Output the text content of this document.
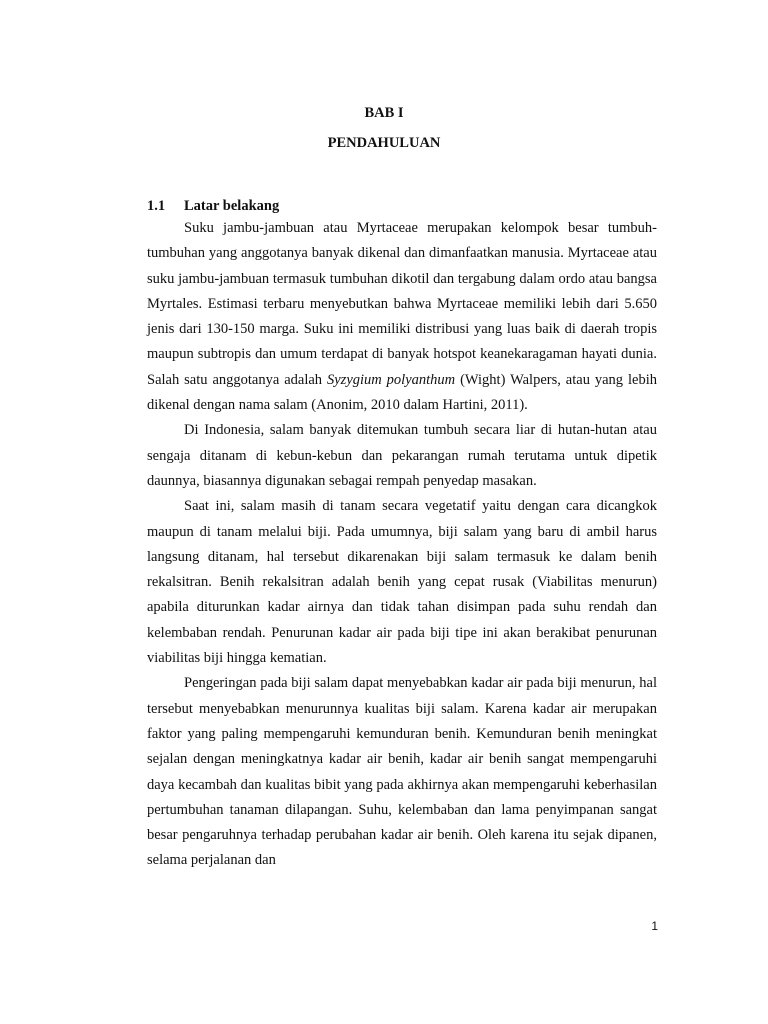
BAB I
PENDAHULUAN
1.1 Latar belakang

Suku jambu-jambuan atau Myrtaceae merupakan kelompok besar tumbuh-tumbuhan yang anggotanya banyak dikenal dan dimanfaatkan manusia. Myrtaceae atau suku jambu-jambuan termasuk tumbuhan dikotil dan tergabung dalam ordo atau bangsa Myrtales. Estimasi terbaru menyebutkan bahwa Myrtaceae memiliki lebih dari 5.650 jenis dari 130-150 marga. Suku ini memiliki distribusi yang luas baik di daerah tropis maupun subtropis dan umum terdapat di banyak hotspot keanekaragaman hayati dunia. Salah satu anggotanya adalah Syzygium polyanthum (Wight) Walpers, atau yang lebih dikenal dengan nama salam (Anonim, 2010 dalam Hartini, 2011).

Di Indonesia, salam banyak ditemukan tumbuh secara liar di hutan-hutan atau sengaja ditanam di kebun-kebun dan pekarangan rumah terutama untuk dipetik daunnya, biasannya digunakan sebagai rempah penyedap masakan.

Saat ini, salam masih di tanam secara vegetatif yaitu dengan cara dicangkok maupun di tanam melalui biji. Pada umumnya, biji salam yang baru di ambil harus langsung ditanam, hal tersebut dikarenakan biji salam termasuk ke dalam benih rekalsitran. Benih rekalsitran adalah benih yang cepat rusak (Viabilitas menurun) apabila diturunkan kadar airnya dan tidak tahan disimpan pada suhu rendah dan kelembaban rendah. Penurunan kadar air pada biji tipe ini akan berakibat penurunan viabilitas biji hingga kematian.

Pengeringan pada biji salam dapat menyebabkan kadar air pada biji menurun, hal tersebut menyebabkan menurunnya kualitas biji salam. Karena kadar air merupakan faktor yang paling mempengaruhi kemunduran benih. Kemunduran benih meningkat sejalan dengan meningkatnya kadar air benih, kadar air benih sangat mempengaruhi daya kecambah dan kualitas bibit yang pada akhirnya akan mempengaruhi keberhasilan pertumbuhan tanaman dilapangan. Suhu, kelembaban dan lama penyimpanan sangat besar pengaruhnya terhadap perubahan kadar air benih. Oleh karena itu sejak dipanen, selama perjalanan dan

1
